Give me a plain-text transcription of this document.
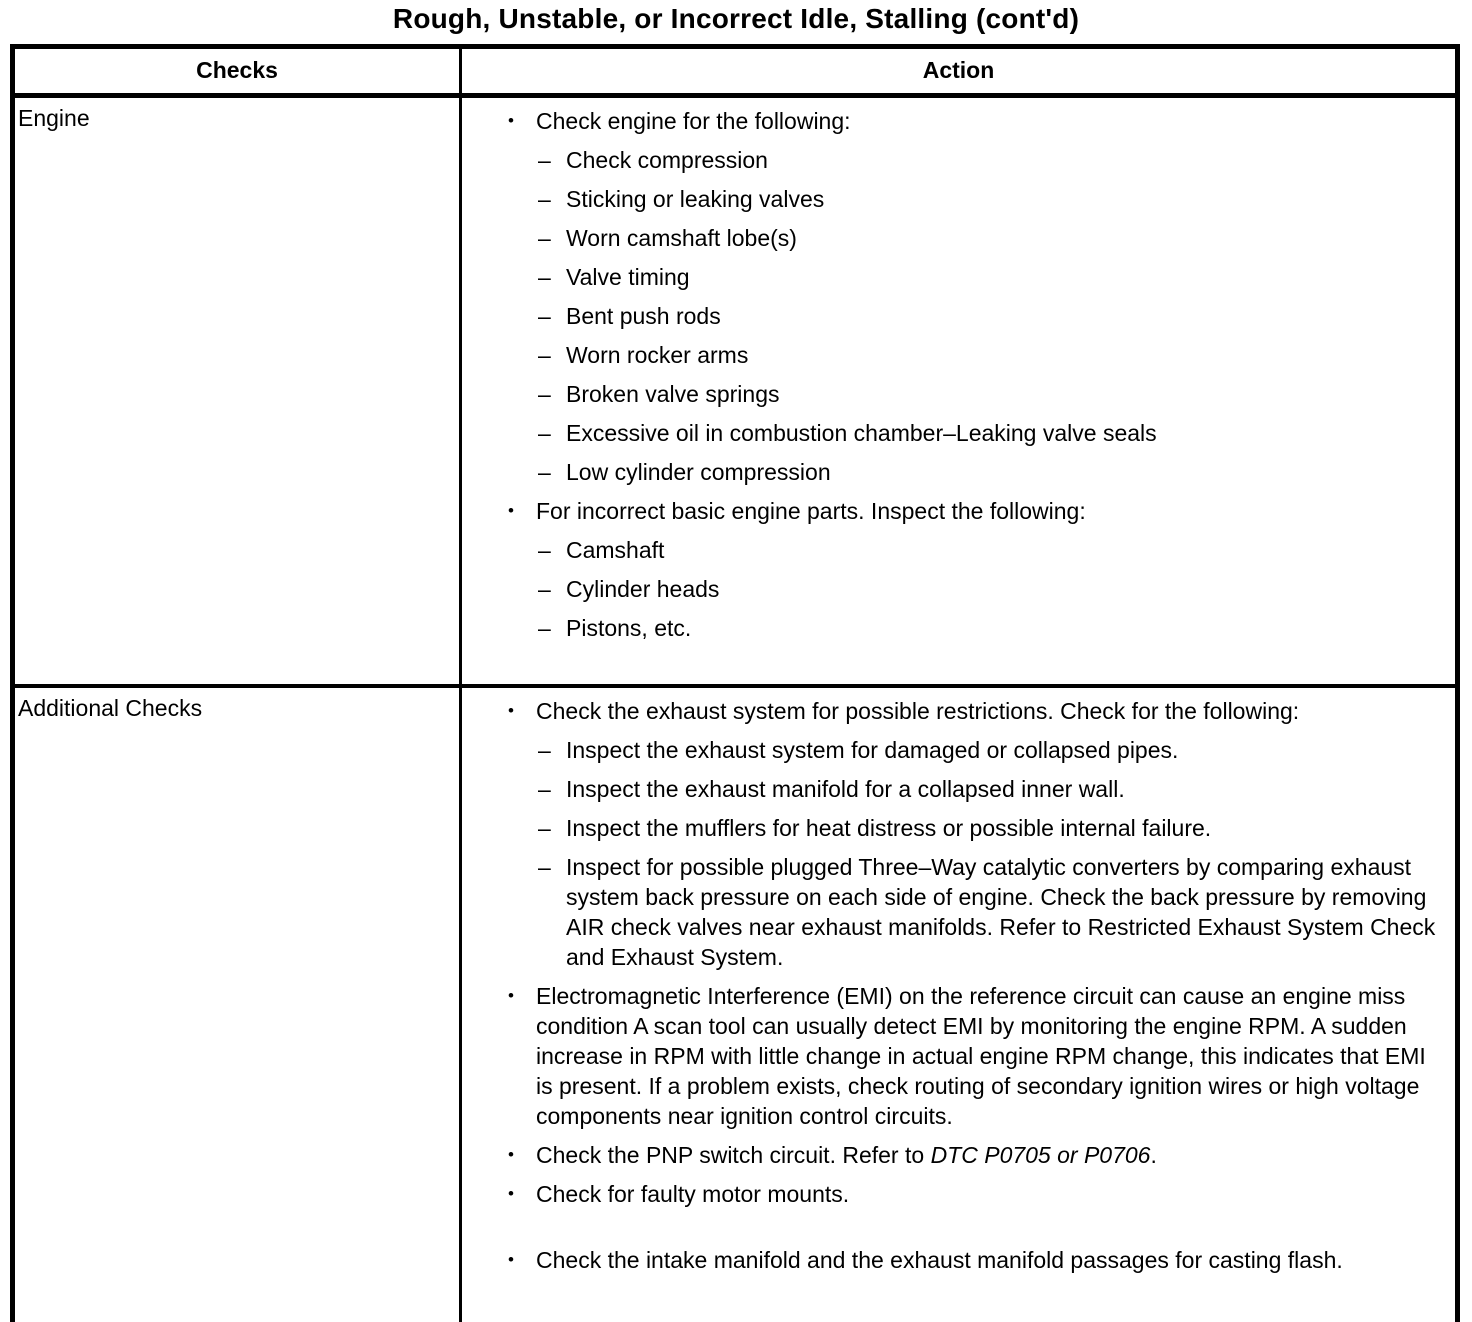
Rough, Unstable, or Incorrect Idle, Stalling (cont'd)
Checks	Action
Engine	• Check engine for the following:
– Check compression
– Sticking or leaking valves
– Worn camshaft lobe(s)
– Valve timing
– Bent push rods
– Worn rocker arms
– Broken valve springs
– Excessive oil in combustion chamber–Leaking valve seals
– Low cylinder compression
• For incorrect basic engine parts. Inspect the following:
– Camshaft
– Cylinder heads
– Pistons, etc.
Additional Checks	• Check the exhaust system for possible restrictions. Check for the following:
– Inspect the exhaust system for damaged or collapsed pipes.
– Inspect the exhaust manifold for a collapsed inner wall.
– Inspect the mufflers for heat distress or possible internal failure.
– Inspect for possible plugged Three–Way catalytic converters by comparing exhaust system back pressure on each side of engine. Check the back pressure by removing AIR check valves near exhaust manifolds. Refer to Restricted Exhaust System Check and Exhaust System.
• Electromagnetic Interference (EMI) on the reference circuit can cause an engine miss condition A scan tool can usually detect EMI by monitoring the engine RPM. A sudden increase in RPM with little change in actual engine RPM change, this indicates that EMI is present. If a problem exists, check routing of secondary ignition wires or high voltage components near ignition control circuits.
• Check the PNP switch circuit. Refer to DTC P0705 or P0706.
• Check for faulty motor mounts.
• Check the intake manifold and the exhaust manifold passages for casting flash.
